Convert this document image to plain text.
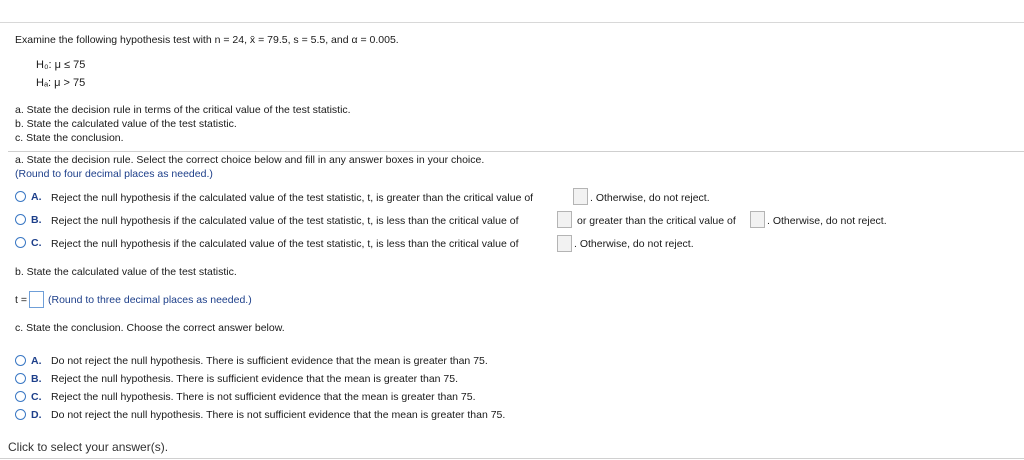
Examine the following hypothesis test with n = 24, x̄ = 79.5, s = 5.5, and α = 0.005.
H₀: μ ≤ 75
Hₐ: μ > 75
a. State the decision rule in terms of the critical value of the test statistic.
b. State the calculated value of the test statistic.
c. State the conclusion.
a. State the decision rule. Select the correct choice below and fill in any answer boxes in your choice.
(Round to four decimal places as needed.)
A. Reject the null hypothesis if the calculated value of the test statistic, t, is greater than the critical value of	. Otherwise, do not reject.
B. Reject the null hypothesis if the calculated value of the test statistic, t, is less than the critical value of	or greater than the critical value of	. Otherwise, do not reject.
C. Reject the null hypothesis if the calculated value of the test statistic, t, is less than the critical value of	. Otherwise, do not reject.
b. State the calculated value of the test statistic.
t = (Round to three decimal places as needed.)
c. State the conclusion. Choose the correct answer below.
A. Do not reject the null hypothesis. There is sufficient evidence that the mean is greater than 75.
B. Reject the null hypothesis. There is sufficient evidence that the mean is greater than 75.
C. Reject the null hypothesis. There is not sufficient evidence that the mean is greater than 75.
D. Do not reject the null hypothesis. There is not sufficient evidence that the mean is greater than 75.
Click to select your answer(s).
